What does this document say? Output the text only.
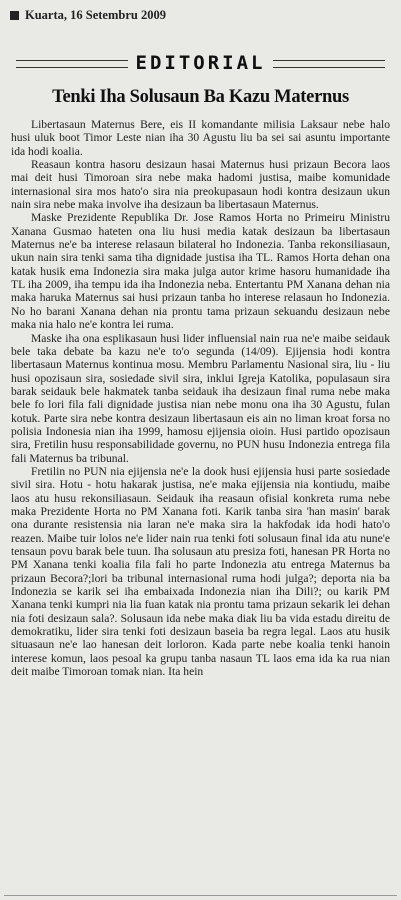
Kuarta, 16 Setembru 2009
EDITORIAL
Tenki Iha Solusaun Ba Kazu Maternus

Libertasaun Maternus Bere, eis II komandante milisia Laksaur nebe halo husi uluk boot Timor Leste nian iha 30 Agustu liu ba sei sai asuntu importante ida hodi koalia.

Reasaun kontra hasoru desizaun hasai Maternus husi prizaun Becora laos mai deit husi Timoroan sira nebe maka hadomi justisa, maibe komunidade internasional sira mos hato'o sira nia preokupasaun hodi kontra desizaun ukun nain sira nebe maka involve iha desizaun ba libertasaun Maternus.

Maske Prezidente Republika Dr. Jose Ramos Horta no Primeiru Ministru Xanana Gusmao hateten ona liu husi media katak desizaun ba libertasaun Maternus ne'e ba interese relasaun bilateral ho Indonezia. Tanba rekonsiliasaun, ukun nain sira tenki sama tiha dignidade justisa iha TL. Ramos Horta dehan ona katak husik ema Indonezia sira maka julga autor krime hasoru humanidade iha TL iha 2009, iha tempu ida iha Indonezia neba. Entertantu PM Xanana dehan nia maka haruka Maternus sai husi prizaun tanba ho interese relasaun ho Indonezia. No ho barani Xanana dehan nia prontu tama prizaun sekuandu desizaun nebe maka nia halo ne'e kontra lei ruma.

Maske iha ona esplikasaun husi lider influensial nain rua ne'e maibe seidauk bele taka debate ba kazu ne'e to'o segunda (14/09). Ejijensia hodi kontra libertasaun Maternus kontinua mosu. Membru Parlamentu Nasional sira, liu - liu husi opozisaun sira, sosiedade sivil sira, inklui Igreja Katolika, populasaun sira barak seidauk bele hakmatek tanba seidauk iha desizaun final ruma nebe maka bele fo lori fila fali dignidade justisa nian nebe monu ona iha 30 Agustu, fulan kotuk. Parte sira nebe kontra desizaun libertasaun eis ain no liman kroat forsa no polisia Indonesia nian iha 1999, hamosu ejijensia oioin. Husi partido opozisaun sira, Fretilin husu responsabilidade governu, no PUN husu Indonezia entrega fila fali Maternus ba tribunal.

Fretilin no PUN nia ejijensia ne'e la dook husi ejijensia husi parte sosiedade sivil sira. Hotu - hotu hakarak justisa, ne'e maka ejijensia nia kontiudu, maibe laos atu husu rekonsiliasaun. Seidauk iha reasaun ofisial konkreta ruma nebe maka Prezidente Horta no PM Xanana foti. Karik tanba sira 'han masin' barak ona durante resistensia nia laran ne'e maka sira la hakfodak ida hodi hato'o reazen. Maibe tuir lolos ne'e lider nain rua tenki foti solusaun final ida atu nune'e tensaun povu barak bele tuun. Iha solusaun atu presiza foti, hanesan PR Horta no PM Xanana tenki koalia fila fali ho parte Indonezia atu entrega Maternus ba prizaun Becora?;lori ba tribunal internasional ruma hodi julga?; deporta nia ba Indonezia se karik sei iha embaixada Indonezia nian iha Dili?; ou karik PM Xanana tenki kumpri nia lia fuan katak nia prontu tama prizaun sekarik lei dehan nia foti desizaun sala?. Solusaun ida nebe maka diak liu ba vida estadu direitu de demokratiku, lider sira tenki foti desizaun baseia ba regra legal. Laos atu husik situasaun ne'e lao hanesan deit lorloron. Kada parte nebe koalia tenki hanoin interese komun, laos pesoal ka grupu tanba nasaun TL laos ema ida ka rua nian deit maibe Timoroan tomak nian. Ita hein
